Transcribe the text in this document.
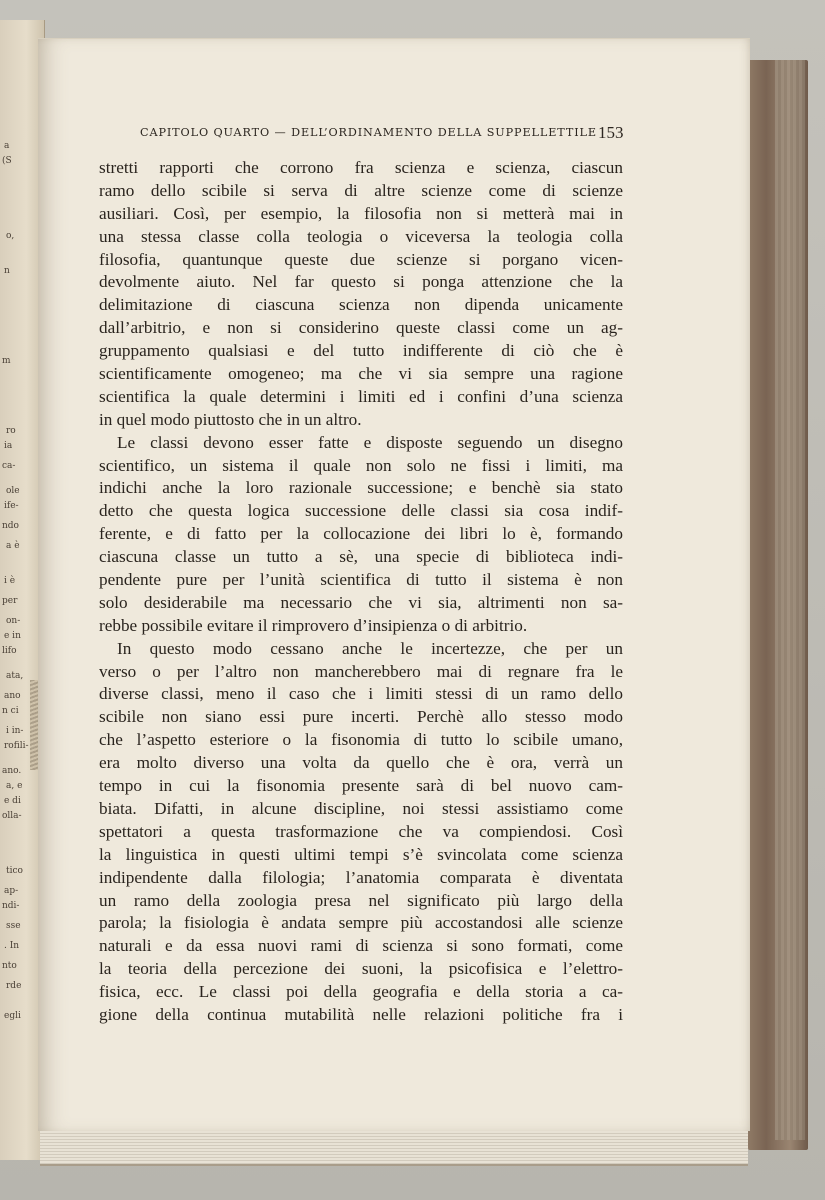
a
(S
o,
n
m
ro
ia
ca-
ole
ife-
ndo
a è
i è
per
on-
e in
lifo
ata,
ano
n ci
i in-
rofili-
ano.
a, e
e di
olla-
tico
ap-
ndi-
sse
. In
nto
rde
egli
CAPITOLO QUARTO — DELL’ORDINAMENTO DELLA SUPPELLETTILE 153
stretti rapporti che corrono fra scienza e scienza, ciascun
ramo dello scibile si serva di altre scienze come di scienze
ausiliari. Così, per esempio, la filosofia non si metterà mai in
una stessa classe colla teologia o viceversa la teologia colla
filosofia, quantunque queste due scienze si porgano vicen-
devolmente aiuto. Nel far questo si ponga attenzione che la
delimitazione di ciascuna scienza non dipenda unicamente
dall’arbitrio, e non si considerino queste classi come un ag-
gruppamento qualsiasi e del tutto indifferente di ciò che è
scientificamente omogeneo; ma che vi sia sempre una ragione
scientifica la quale determini i limiti ed i confini d’una scienza
in quel modo piuttosto che in un altro.
Le classi devono esser fatte e disposte seguendo un disegno
scientifico, un sistema il quale non solo ne fissi i limiti, ma
indichi anche la loro razionale successione; e benchè sia stato
detto che questa logica successione delle classi sia cosa indif-
ferente, e di fatto per la collocazione dei libri lo è, formando
ciascuna classe un tutto a sè, una specie di biblioteca indi-
pendente pure per l’unità scientifica di tutto il sistema è non
solo desiderabile ma necessario che vi sia, altrimenti non sa-
rebbe possibile evitare il rimprovero d’insipienza o di arbitrio.
In questo modo cessano anche le incertezze, che per un
verso o per l’altro non mancherebbero mai di regnare fra le
diverse classi, meno il caso che i limiti stessi di un ramo dello
scibile non siano essi pure incerti. Perchè allo stesso modo
che l’aspetto esteriore o la fisonomia di tutto lo scibile umano,
era molto diverso una volta da quello che è ora, verrà un
tempo in cui la fisonomia presente sarà di bel nuovo cam-
biata. Difatti, in alcune discipline, noi stessi assistiamo come
spettatori a questa trasformazione che va compiendosi. Così
la linguistica in questi ultimi tempi s’è svincolata come scienza
indipendente dalla filologia; l’anatomia comparata è diventata
un ramo della zoologia presa nel significato più largo della
parola; la fisiologia è andata sempre più accostandosi alle scienze
naturali e da essa nuovi rami di scienza si sono formati, come
la teoria della percezione dei suoni, la psicofisica e l’elettro-
fisica, ecc. Le classi poi della geografia e della storia a ca-
gione della continua mutabilità nelle relazioni politiche fra i
